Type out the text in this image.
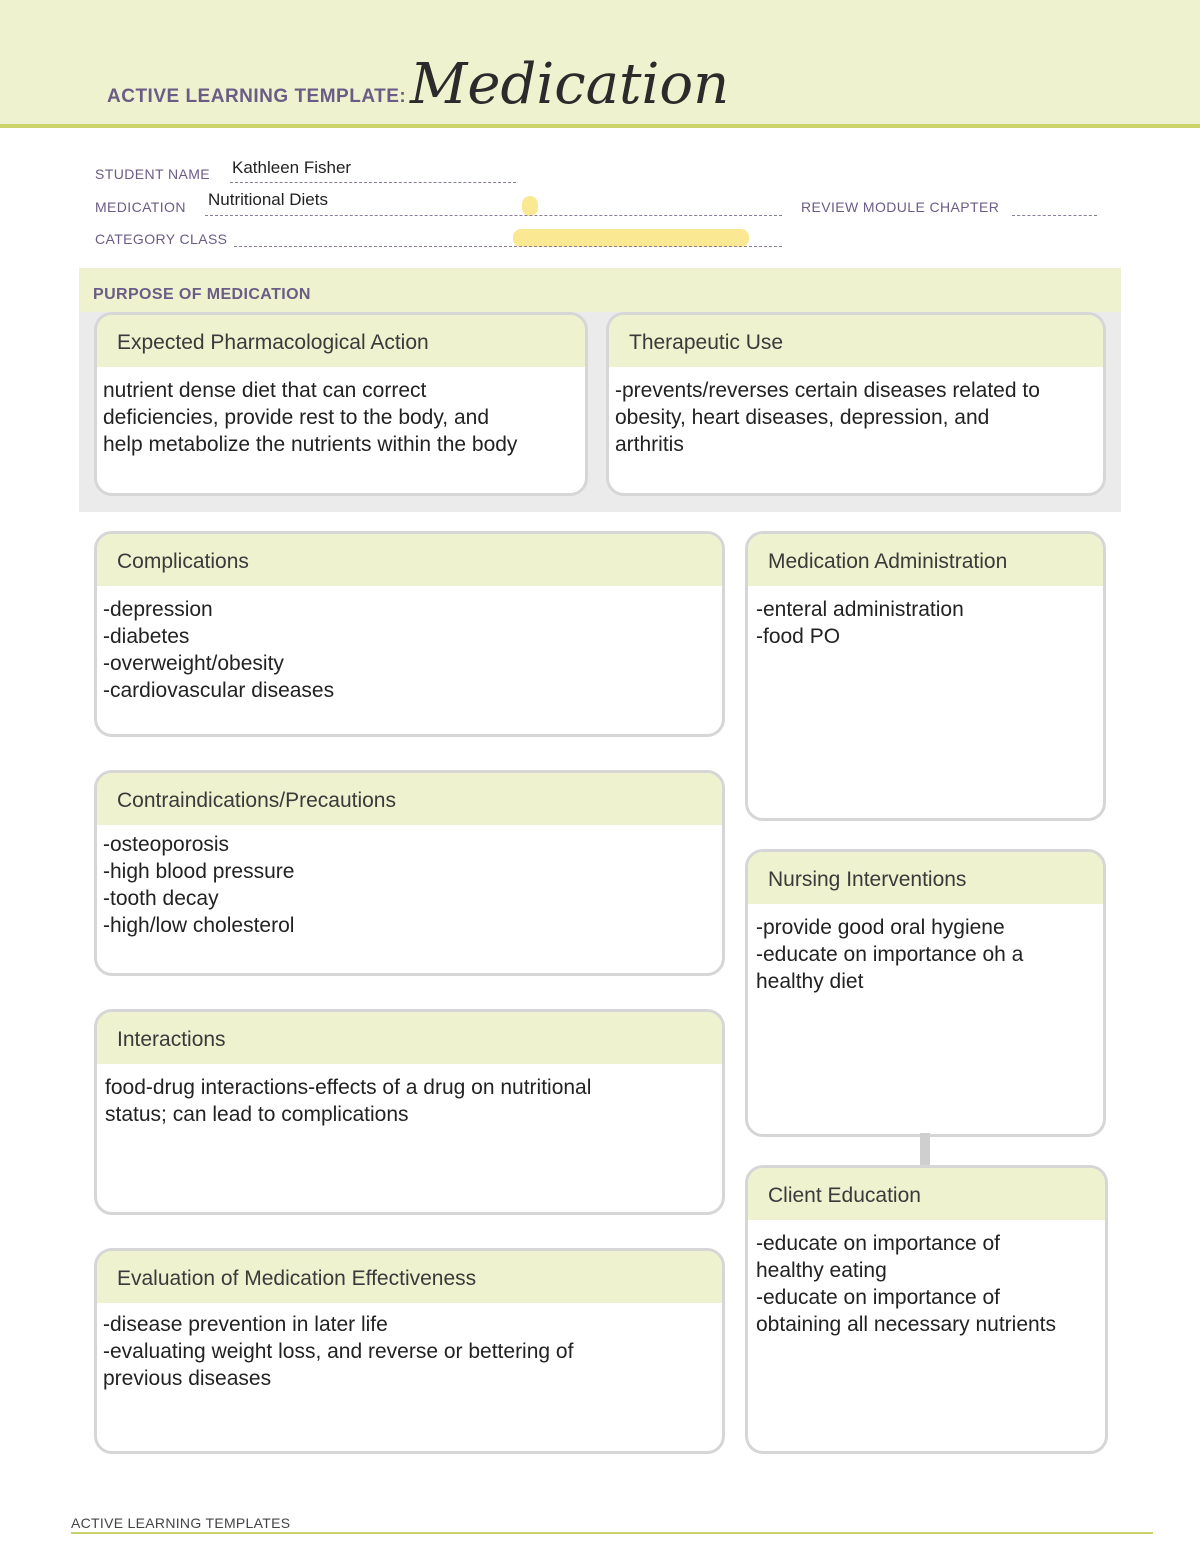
ACTIVE LEARNING TEMPLATE: Medication
STUDENT NAME Kathleen Fisher
MEDICATION Nutritional Diets	REVIEW MODULE CHAPTER
CATEGORY CLASS
PURPOSE OF MEDICATION
Expected Pharmacological Action
nutrient dense diet that can correct
deficiencies, provide rest to the body, and
help metabolize the nutrients within the body
Therapeutic Use
-prevents/reverses certain diseases related to
obesity, heart diseases, depression, and
arthritis
Complications
-depression
-diabetes
-overweight/obesity
-cardiovascular diseases
Contraindications/Precautions
-osteoporosis
-high blood pressure
-tooth decay
-high/low cholesterol
Interactions
food-drug interactions-effects of a drug on nutritional
status; can lead to complications
Evaluation of Medication Effectiveness
-disease prevention in later life
-evaluating weight loss, and reverse or bettering of
previous diseases
Medication Administration
-enteral administration
-food PO
Nursing Interventions
-provide good oral hygiene
-educate on importance oh a
healthy diet
Client Education
-educate on importance of
healthy eating
-educate on importance of
obtaining all necessary nutrients
ACTIVE LEARNING TEMPLATES
